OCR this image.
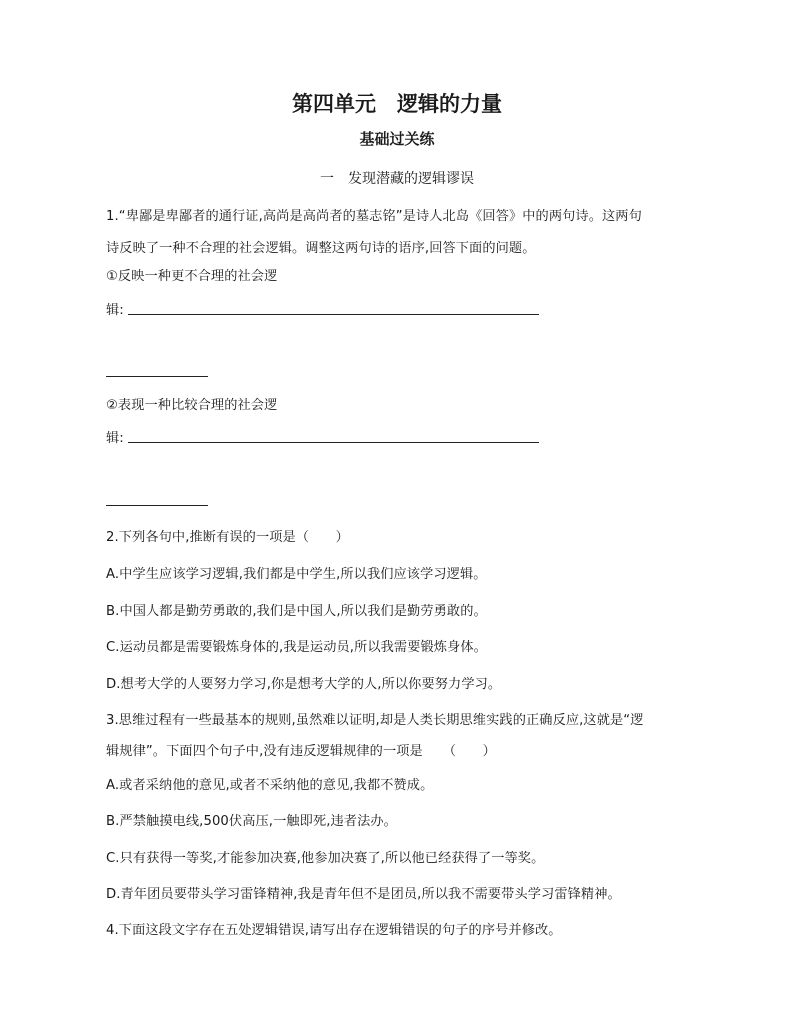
第四单元　逻辑的力量
基础过关练
一　发现潜藏的逻辑谬误
1.“卑鄙是卑鄙者的通行证,高尚是高尚者的墓志铭”是诗人北岛《回答》中的两句诗。这两句
诗反映了一种不合理的社会逻辑。调整这两句诗的语序,回答下面的问题。
①反映一种更不合理的社会逻
辑:
②表现一种比较合理的社会逻
辑:
2.下列各句中,推断有误的一项是（　　）
A.中学生应该学习逻辑,我们都是中学生,所以我们应该学习逻辑。
B.中国人都是勤劳勇敢的,我们是中国人,所以我们是勤劳勇敢的。
C.运动员都是需要锻炼身体的,我是运动员,所以我需要锻炼身体。
D.想考大学的人要努力学习,你是想考大学的人,所以你要努力学习。
3.思维过程有一些最基本的规则,虽然难以证明,却是人类长期思维实践的正确反应,这就是“逻
辑规律”。下面四个句子中,没有违反逻辑规律的一项是　　（　　）
A.或者采纳他的意见,或者不采纳他的意见,我都不赞成。
B.严禁触摸电线,500伏高压,一触即死,违者法办。
C.只有获得一等奖,才能参加决赛,他参加决赛了,所以他已经获得了一等奖。
D.青年团员要带头学习雷锋精神,我是青年但不是团员,所以我不需要带头学习雷锋精神。
4.下面这段文字存在五处逻辑错误,请写出存在逻辑错误的句子的序号并修改。
